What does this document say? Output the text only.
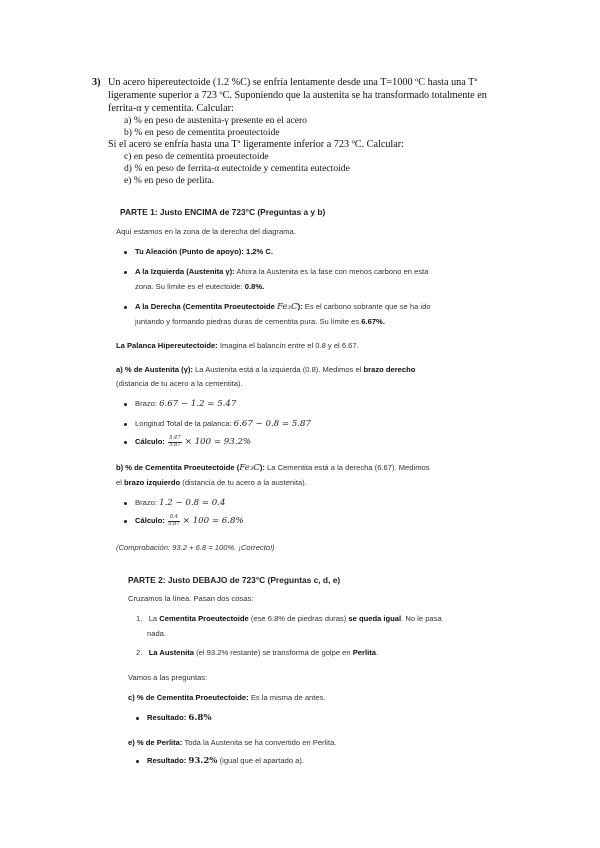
3) Un acero hipereutectoide (1.2 %C) se enfría lentamente desde una T=1000 ºC hasta una Tª
ligeramente superior a 723 ºC. Suponiendo que la austenita se ha transformado totalmente en
ferrita-α y cementita. Calcular:
a) % en peso de austenita-γ presente en el acero
b) % en peso de cementita proeutectoide
Si el acero se enfría hasta una Tª ligeramente inferior a 723 ºC. Calcular:
c) en peso de cementita proeutectoide
d) % en peso de ferrita-α eutectoide y cementita eutectoide
e) % en peso de perlita.
PARTE 1: Justo ENCIMA de 723°C (Preguntas a y b)
Aquí estamos en la zona de la derecha del diagrama.
Tu Aleación (Punto de apoyo): 1.2% C.
A la Izquierda (Austenita γ): Ahora la Austenita es la fase con menos carbono en esta
zona. Su límite es el eutectoide: 0.8%.
A la Derecha (Cementita Proeutectoide Fe₃C): Es el carbono sobrante que se ha ido
juntando y formando piedras duras de cementita pura. Su límite es 6.67%.
La Palanca Hipereutectoide: Imagina el balancín entre el 0.8 y el 6.67.
a) % de Austenita (γ): La Austenita está a la izquierda (0.8). Medimos el brazo derecho
(distancia de tu acero a la cementita).
Brazo: 6.67 − 1.2 = 5.47
Longitud Total de la palanca: 6.67 − 0.8 = 5.87
Cálculo: $\frac{5.47}{5.87} \times 100 = 93.2\%$
b) % de Cementita Proeutectoide (Fe₃C): La Cementita está a la derecha (6.67). Medimos
el brazo izquierdo (distancia de tu acero a la austenita).
Brazo: 1.2 − 0.8 = 0.4
Cálculo: $\frac{0.4}{5.87} \times 100 = 6.8\%$
(Comprobación: 93.2 + 6.8 = 100%. ¡Correcto!)
PARTE 2: Justo DEBAJO de 723°C (Preguntas c, d, e)
Cruzamos la línea. Pasan dos cosas:
1. La Cementita Proeutectoide (ese 6.8% de piedras duras) se queda igual. No le pasa
nada.
2. La Austenita (el 93.2% restante) se transforma de golpe en Perlita.
Vamos a las preguntas:
c) % de Cementita Proeutectoide: Es la misma de antes.
Resultado: 6.8%
e) % de Perlita: Toda la Austenita se ha convertido en Perlita.
Resultado: 93.2% (igual que el apartado a).
